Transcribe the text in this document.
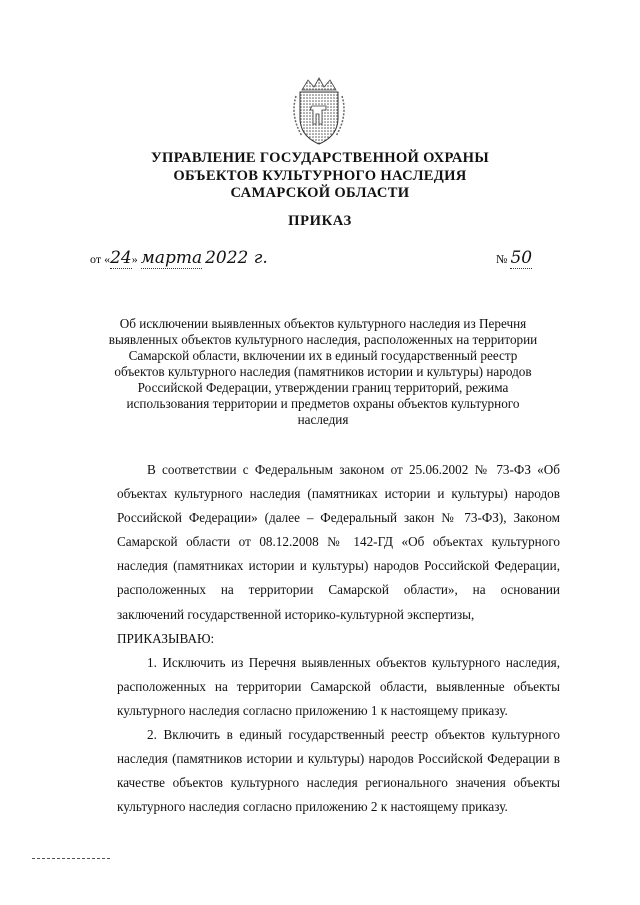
УПРАВЛЕНИЕ ГОСУДАРСТВЕННОЙ ОХРАНЫ
ОБЪЕКТОВ КУЛЬТУРНОГО НАСЛЕДИЯ
САМАРСКОЙ ОБЛАСТИ
ПРИКАЗ
от «24» марта 2022 г.	№ 50
Об исключении выявленных объектов культурного наследия из Перечня выявленных объектов культурного наследия, расположенных на территории Самарской области, включении их в единый государственный реестр объектов культурного наследия (памятников истории и культуры) народов Российской Федерации, утверждении границ территорий, режима использования территории и предметов охраны объектов культурного наследия

В соответствии с Федеральным законом от 25.06.2002 № 73-ФЗ «Об объектах культурного наследия (памятниках истории и культуры) народов Российской Федерации» (далее – Федеральный закон № 73-ФЗ), Законом Самарской области от 08.12.2008 № 142-ГД «Об объектах культурного наследия (памятниках истории и культуры) народов Российской Федерации, расположенных на территории Самарской области», на основании заключений государственной историко-культурной экспертизы,

ПРИКАЗЫВАЮ:

1. Исключить из Перечня выявленных объектов культурного наследия, расположенных на территории Самарской области, выявленные объекты культурного наследия согласно приложению 1 к настоящему приказу.

2. Включить в единый государственный реестр объектов культурного наследия (памятников истории и культуры) народов Российской Федерации в качестве объектов культурного наследия регионального значения объекты культурного наследия согласно приложению 2 к настоящему приказу.
